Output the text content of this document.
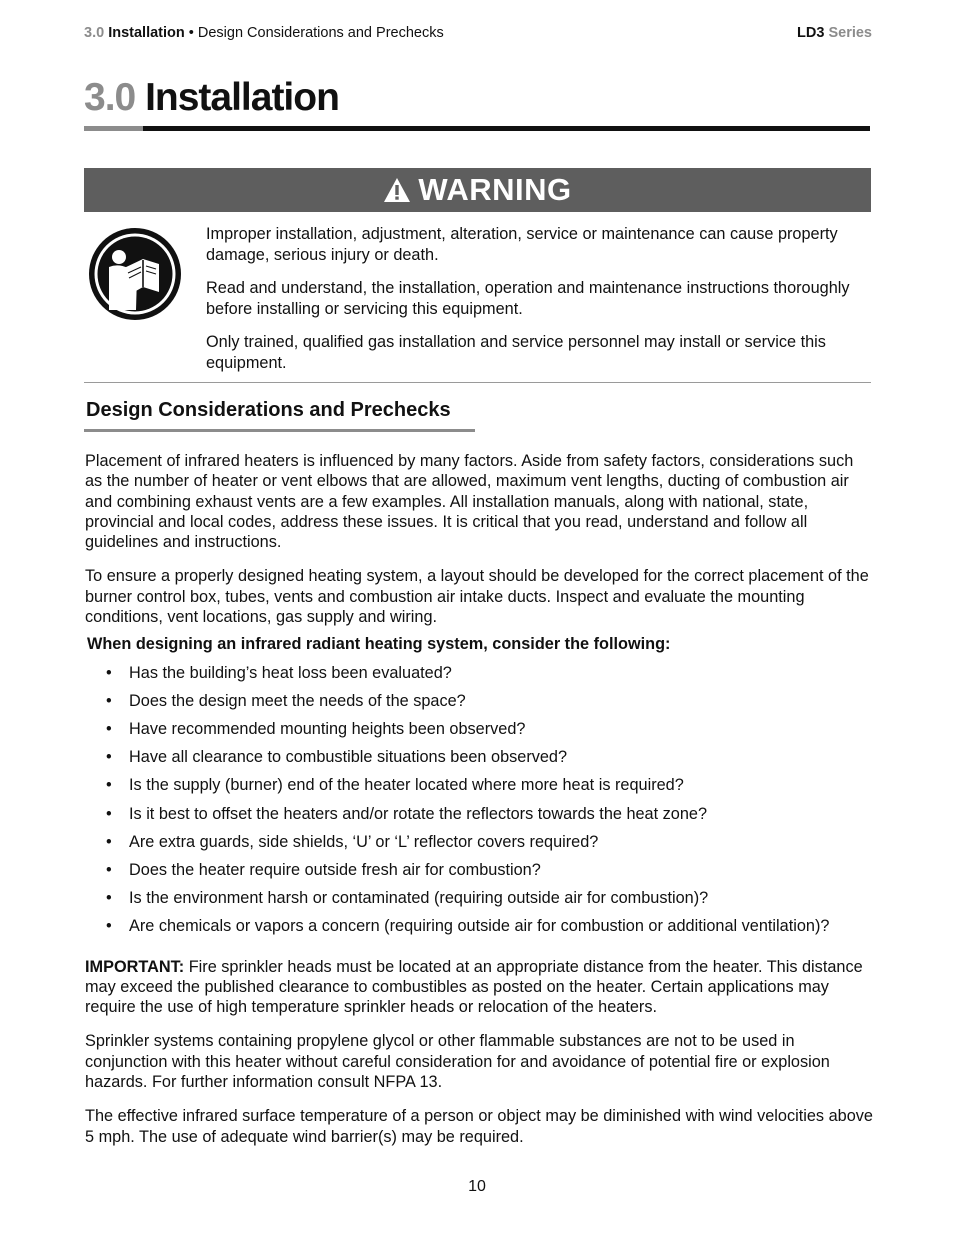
3.0 Installation • Design Considerations and Prechecks	LD3 Series
3.0 Installation
WARNING

Improper installation, adjustment, alteration, service or maintenance can cause property damage, serious injury or death.

Read and understand, the installation, operation and maintenance instructions thoroughly before installing or servicing this equipment.

Only trained, qualified gas installation and service personnel may install or service this equipment.

Design Considerations and Prechecks

Placement of infrared heaters is influenced by many factors. Aside from safety factors, considerations such as the number of heater or vent elbows that are allowed, maximum vent lengths, ducting of combustion air and combining exhaust vents are a few examples. All installation manuals, along with national, state, provincial and local codes, address these issues. It is critical that you read, understand and follow all guidelines and instructions.

To ensure a properly designed heating system, a layout should be developed for the correct placement of the burner control box, tubes, vents and combustion air intake ducts. Inspect and evaluate the mounting conditions, vent locations, gas supply and wiring.

When designing an infrared radiant heating system, consider the following:

• Has the building’s heat loss been evaluated?
• Does the design meet the needs of the space?
• Have recommended mounting heights been observed?
• Have all clearance to combustible situations been observed?
• Is the supply (burner) end of the heater located where more heat is required?
• Is it best to offset the heaters and/or rotate the reflectors towards the heat zone?
• Are extra guards, side shields, ‘U’ or ‘L’ reflector covers required?
• Does the heater require outside fresh air for combustion?
• Is the environment harsh or contaminated (requiring outside air for combustion)?
• Are chemicals or vapors a concern (requiring outside air for combustion or additional ventilation)?

IMPORTANT: Fire sprinkler heads must be located at an appropriate distance from the heater. This distance may exceed the published clearance to combustibles as posted on the heater. Certain applications may require the use of high temperature sprinkler heads or relocation of the heaters.

Sprinkler systems containing propylene glycol or other flammable substances are not to be used in conjunction with this heater without careful consideration for and avoidance of potential fire or explosion hazards. For further information consult NFPA 13.

The effective infrared surface temperature of a person or object may be diminished with wind velocities above 5 mph. The use of adequate wind barrier(s) may be required.

10
